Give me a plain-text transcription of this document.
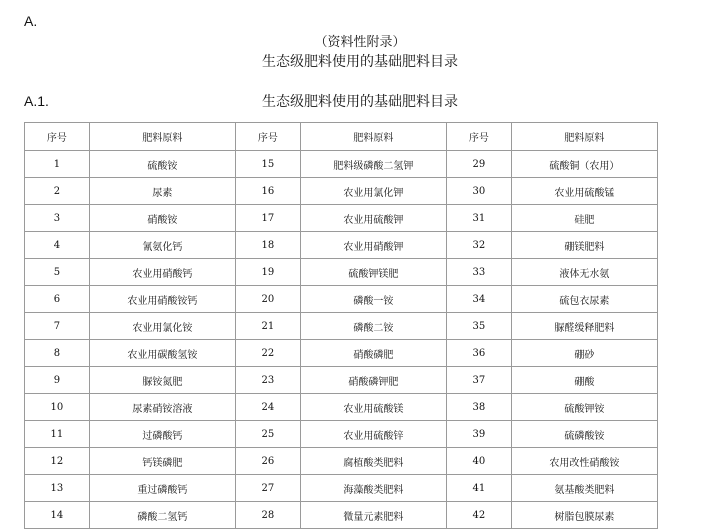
A.
（资料性附录）
生态级肥料使用的基础肥料目录
A.1.	生态级肥料使用的基础肥料目录
序号	肥料原料	序号	肥料原料	序号	肥料原料
1	硫酸铵	15	肥料级磷酸二氢钾	29	硫酸铜（农用）
2	尿素	16	农业用氯化钾	30	农业用硫酸锰
3	硝酸铵	17	农业用硫酸钾	31	硅肥
4	氰氨化钙	18	农业用硝酸钾	32	硼镁肥料
5	农业用硝酸钙	19	硫酸钾镁肥	33	液体无水氨
6	农业用硝酸铵钙	20	磷酸一铵	34	硫包衣尿素
7	农业用氯化铵	21	磷酸二铵	35	脲醛缓释肥料
8	农业用碳酸氢铵	22	硝酸磷肥	36	硼砂
9	脲铵氮肥	23	硝酸磷钾肥	37	硼酸
10	尿素硝铵溶液	24	农业用硫酸镁	38	硫酸钾铵
11	过磷酸钙	25	农业用硫酸锌	39	硫磷酸铵
12	钙镁磷肥	26	腐植酸类肥料	40	农用改性硝酸铵
13	重过磷酸钙	27	海藻酸类肥料	41	氨基酸类肥料
14	磷酸二氢钙	28	微量元素肥料	42	树脂包膜尿素
